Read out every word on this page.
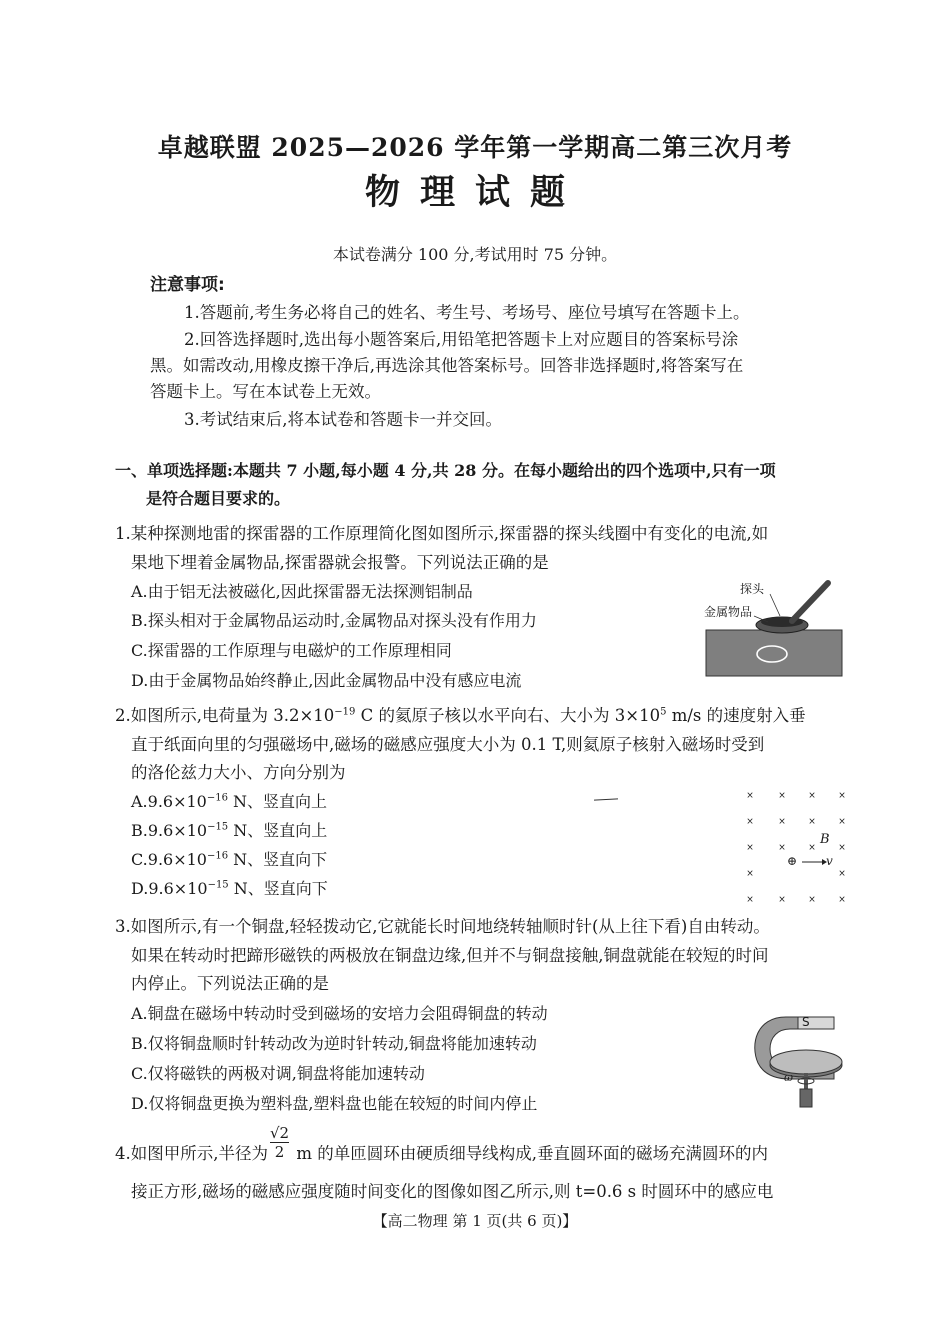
卓越联盟 2025—2026 学年第一学期高二第三次月考
物理试题
本试卷满分 100 分,考试用时 75 分钟。
注意事项:
1.答题前,考生务必将自己的姓名、考生号、考场号、座位号填写在答题卡上。
2.回答选择题时,选出每小题答案后,用铅笔把答题卡上对应题目的答案标号涂
黑。如需改动,用橡皮擦干净后,再选涂其他答案标号。回答非选择题时,将答案写在
答题卡上。写在本试卷上无效。
3.考试结束后,将本试卷和答题卡一并交回。
一、单项选择题:本题共 7 小题,每小题 4 分,共 28 分。在每小题给出的四个选项中,只有一项
是符合题目要求的。
1.某种探测地雷的探雷器的工作原理简化图如图所示,探雷器的探头线圈中有变化的电流,如
果地下埋着金属物品,探雷器就会报警。下列说法正确的是
A.由于铝无法被磁化,因此探雷器无法探测铝制品
B.探头相对于金属物品运动时,金属物品对探头没有作用力
C.探雷器的工作原理与电磁炉的工作原理相同
D.由于金属物品始终静止,因此金属物品中没有感应电流
探头
金属物品
2.如图所示,电荷量为 $3.2\times 10^{-19}$ C 的氦原子核以水平向右、大小为 $3\times 10^5$ m/s 的速度射入垂
直于纸面向里的匀强磁场中,磁场的磁感应强度大小为 0.1 T,则氦原子核射入磁场时受到
的洛伦兹力大小、方向分别为
$A.9.6\times 10^{-16}$ N、竖直向上
$B.9.6\times 10^{-15}$ N、竖直向上
$C.9.6\times 10^{-16}$ N、竖直向下
$D.9.6\times 10^{-15}$ N、竖直向下
×	× × ×
×	× × ×
×	× × ×
×	×
×	× × ×
B
⊕ v
3.如图所示,有一个铜盘,轻轻拨动它,它就能长时间地绕转轴顺时针(从上往下看)自由转动。
如果在转动时把蹄形磁铁的两极放在铜盘边缘,但并不与铜盘接触,铜盘就能在较短的时间
内停止。下列说法正确的是
A.铜盘在磁场中转动时受到磁场的安培力会阻碍铜盘的转动
B.仅将铜盘顺时针转动改为逆时针转动,铜盘将能加速转动
C.仅将磁铁的两极对调,铜盘将能加速转动
D.仅将铜盘更换为塑料盘,塑料盘也能在较短的时间内停止
S
ω
4.如图甲所示,半径为 $\frac{√2}{2}$ m 的单匝圆环由硬质细导线构成,垂直圆环面的磁场充满圆环的内
接正方形,磁场的磁感应强度随时间变化的图像如图乙所示,则 t=0.6 s 时圆环中的感应电
【高二物理 第 1 页(共 6 页)】
